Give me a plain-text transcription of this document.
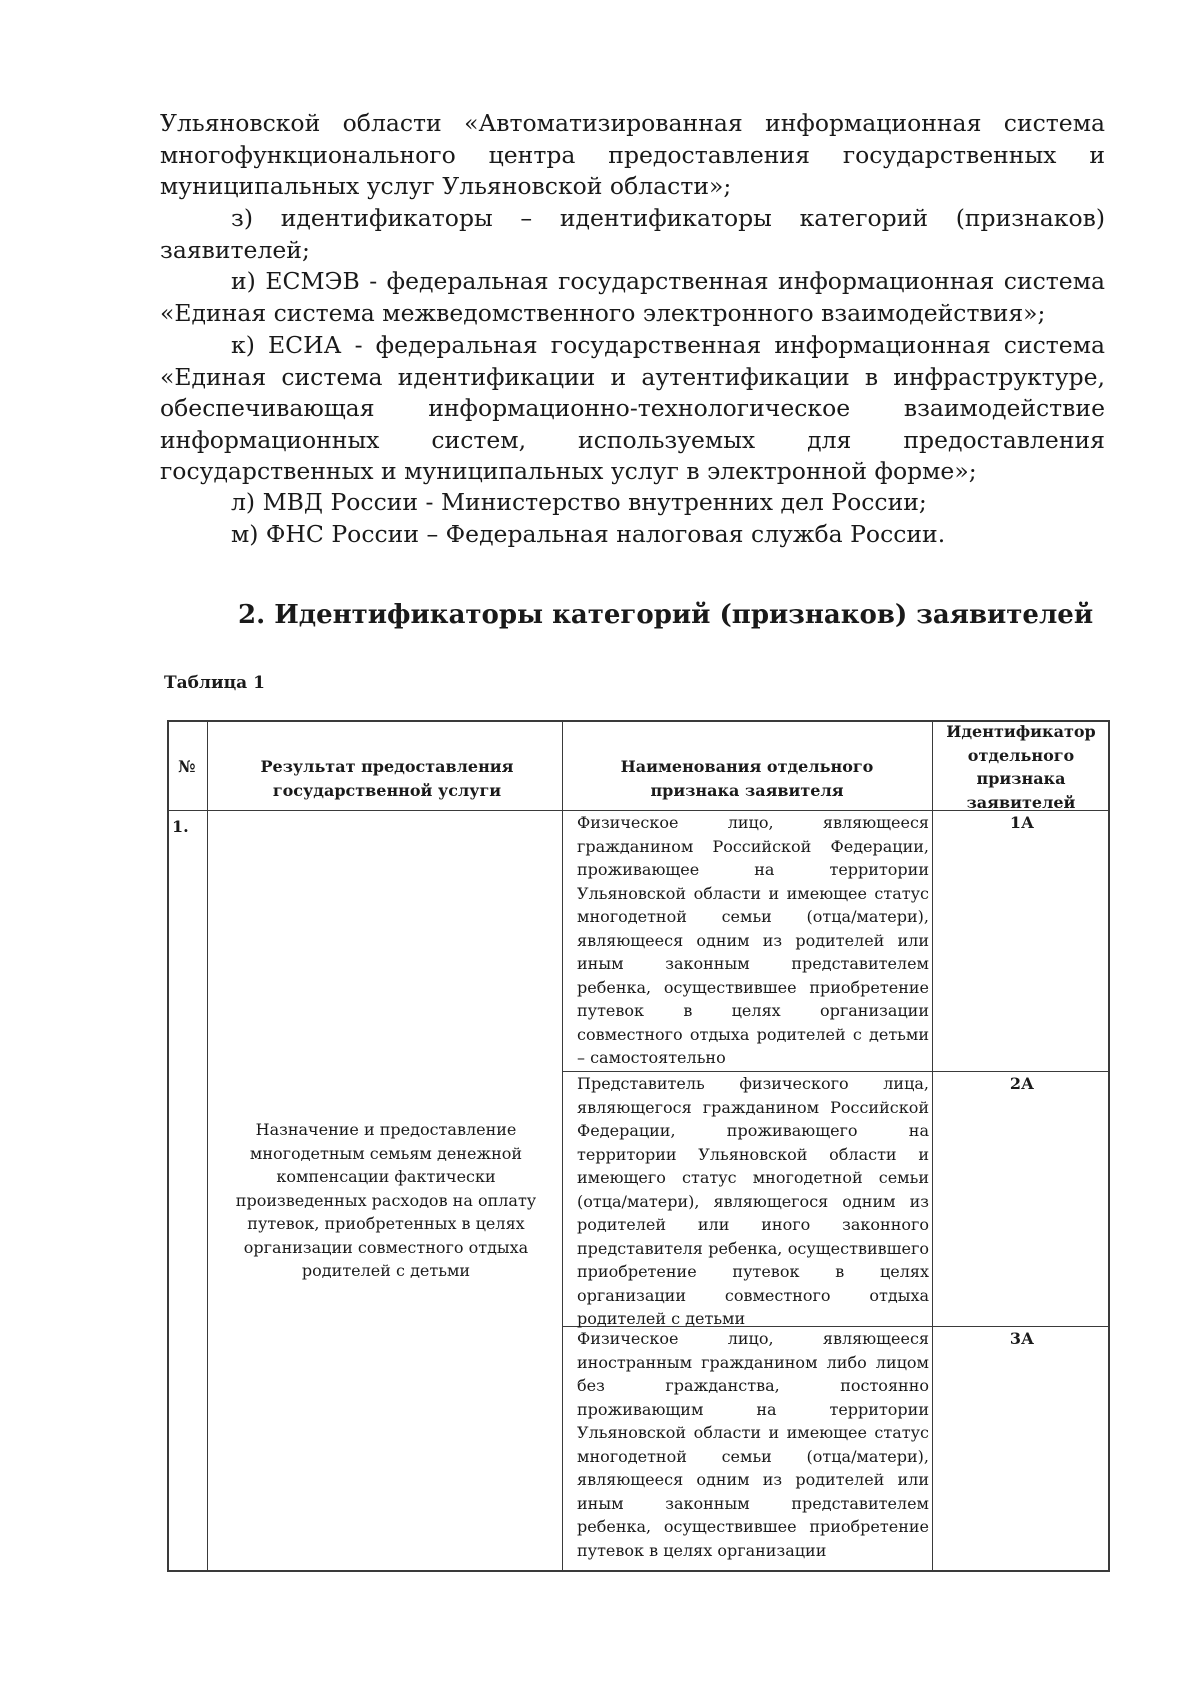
Ульяновской области «Автоматизированная информационная система многофункционального центра предоставления государственных и муниципальных услуг Ульяновской области»;

з) идентификаторы – идентификаторы категорий (признаков) заявителей;

и) ЕСМЭВ - федеральная государственная информационная система «Единая система межведомственного электронного взаимодействия»;

к) ЕСИА - федеральная государственная информационная система «Единая система идентификации и аутентификации в инфраструктуре, обеспечивающая информационно-технологическое взаимодействие информационных систем, используемых для предоставления государственных и муниципальных услуг в электронной форме»;

л) МВД России - Министерство внутренних дел России;

м) ФНС России – Федеральная налоговая служба России.

2. Идентификаторы категорий (признаков) заявителей

Таблица 1

№	Результат предоставления государственной услуги

Наименования отдельного признака заявителя

Идентификатор отдельного признака заявителей

1.

Назначение и предоставление многодетным семьям денежной компенсации фактически произведенных расходов на оплату путевок, приобретенных в целях организации совместного отдыха родителей с детьми

Физическое лицо, являющееся гражданином Российской Федерации, проживающее на территории Ульяновской области и имеющее статус многодетной семьи (отца/матери), являющееся одним из родителей или иным законным представителем ребенка, осуществившее приобретение путевок в целях организации совместного отдыха родителей с детьми – самостоятельно

1А

Представитель физического лица, являющегося гражданином Российской Федерации, проживающего на территории Ульяновской области и имеющего статус многодетной семьи (отца/матери), являющегося одним из родителей или иного законного представителя ребенка, осуществившего приобретение путевок в целях организации совместного отдыха родителей с детьми

2А

Физическое лицо, являющееся иностранным гражданином либо лицом без гражданства, постоянно проживающим на территории Ульяновской области и имеющее статус многодетной семьи (отца/матери), являющееся одним из родителей или иным законным представителем ребенка, осуществившее приобретение путевок в целях организации

3А
